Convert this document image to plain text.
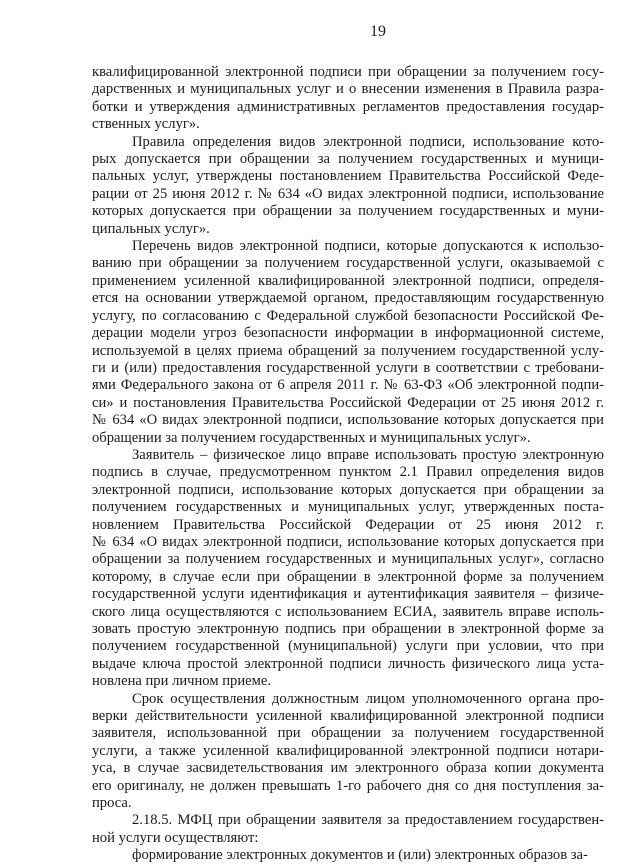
19

квалифицированной электронной подписи при обращении за получением госу-
дарственных и муниципальных услуг и о внесении изменения в Правила разра-
ботки и утверждения административных регламентов предоставления государ-
ственных услуг».

Правила определения видов электронной подписи, использование кото-
рых допускается при обращении за получением государственных и муници-
пальных услуг, утверждены постановлением Правительства Российской Феде-
рации от 25 июня 2012 г. № 634 «О видах электронной подписи, использование
которых допускается при обращении за получением государственных и муни-
ципальных услуг».

Перечень видов электронной подписи, которые допускаются к использо-
ванию при обращении за получением государственной услуги, оказываемой с
применением усиленной квалифицированной электронной подписи, определя-
ется на основании утверждаемой органом, предоставляющим государственную
услугу, по согласованию с Федеральной службой безопасности Российской Фе-
дерации модели угроз безопасности информации в информационной системе,
используемой в целях приема обращений за получением государственной услу-
ги и (или) предоставления государственной услуги в соответствии с требовани-
ями Федерального закона от 6 апреля 2011 г. № 63-ФЗ «Об электронной подпи-
си» и постановления Правительства Российской Федерации от 25 июня 2012 г.
№ 634 «О видах электронной подписи, использование которых допускается при
обращении за получением государственных и муниципальных услуг».

Заявитель – физическое лицо вправе использовать простую электронную
подпись в случае, предусмотренном пунктом 2.1 Правил определения видов
электронной подписи, использование которых допускается при обращении за
получением государственных и муниципальных услуг, утвержденных поста-
новлением Правительства Российской Федерации от 25 июня 2012 г.
№ 634 «О видах электронной подписи, использование которых допускается при
обращении за получением государственных и муниципальных услуг», согласно
которому, в случае если при обращении в электронной форме за получением
государственной услуги идентификация и аутентификация заявителя – физиче-
ского лица осуществляются с использованием ЕСИА, заявитель вправе исполь-
зовать простую электронную подпись при обращении в электронной форме за
получением государственной (муниципальной) услуги при условии, что при
выдаче ключа простой электронной подписи личность физического лица уста-
новлена при личном приеме.

Срок осуществления должностным лицом уполномоченного органа про-
верки действительности усиленной квалифицированной электронной подписи
заявителя, использованной при обращении за получением государственной
услуги, а также усиленной квалифицированной электронной подписи нотари-
уса, в случае засвидетельствования им электронного образа копии документа
его оригиналу, не должен превышать 1-го рабочего дня со дня поступления за-
проса.

2.18.5. МФЦ при обращении заявителя за предоставлением государствен-
ной услуги осуществляют:

формирование электронных документов и (или) электронных образов за-
